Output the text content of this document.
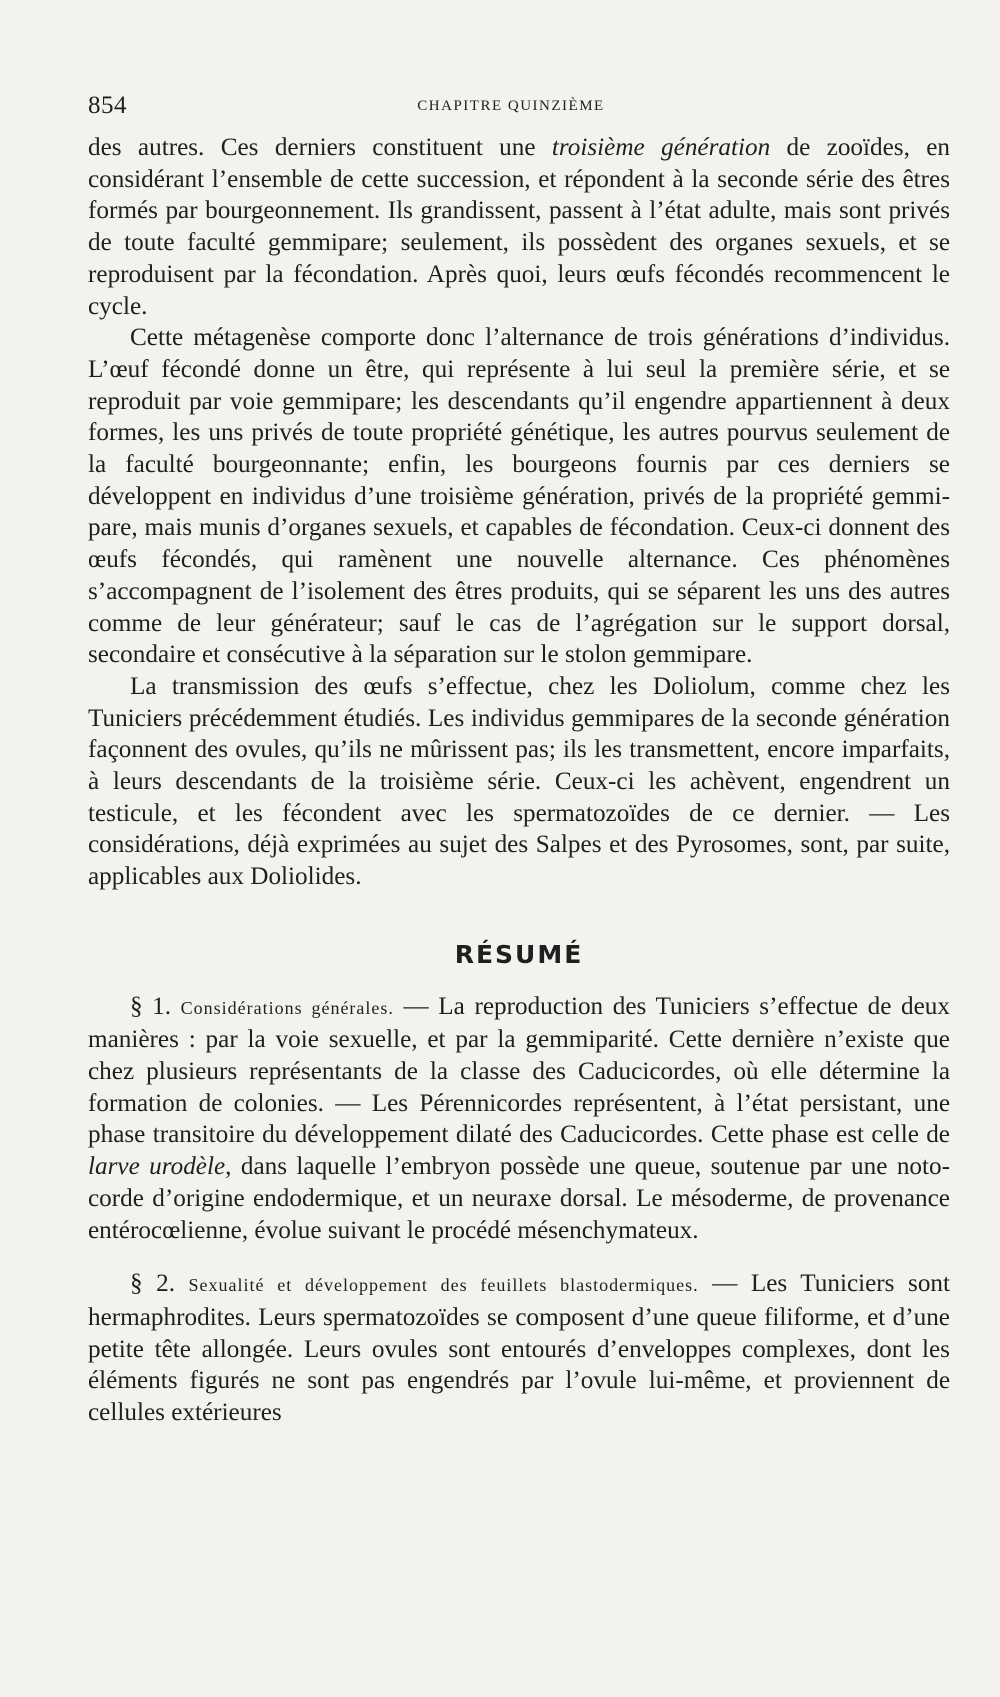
854	CHAPITRE QUINZIÈME

des autres. Ces derniers constituent une troisième génération de zooïdes, en considérant l’ensemble de cette succession, et répondent à la seconde série des êtres formés par bourgeonnement. Ils grandissent, passent à l’état adulte, mais sont privés de toute faculté gemmipare; seulement, ils possèdent des organes sexuels, et se reproduisent par la fécondation. Après quoi, leurs œufs fécondés recommencent le cycle.

Cette métagenèse comporte donc l’alternance de trois générations d’individus. L’œuf fécondé donne un être, qui représente à lui seul la première série, et se reproduit par voie gemmipare; les descendants qu’il engendre appartiennent à deux formes, les uns privés de toute propriété génétique, les autres pourvus seulement de la faculté bourgeonnante; enfin, les bourgeons fournis par ces derniers se développent en individus d’une troisième génération, privés de la propriété gemmipare, mais munis d’organes sexuels, et capables de fécondation. Ceux-ci donnent des œufs fécondés, qui ramènent une nouvelle alternance. Ces phénomènes s’accompagnent de l’isolement des êtres produits, qui se séparent les uns des autres comme de leur générateur; sauf le cas de l’agrégation sur le support dorsal, secondaire et consécutive à la séparation sur le stolon gemmipare.

La transmission des œufs s’effectue, chez les Doliolum, comme chez les Tuniciers précédemment étudiés. Les individus gemmipares de la seconde génération façonnent des ovules, qu’ils ne mûrissent pas; ils les transmettent, encore imparfaits, à leurs descendants de la troisième série. Ceux-ci les achèvent, engendrent un testicule, et les fécondent avec les spermatozoïdes de ce dernier. — Les considérations, déjà exprimées au sujet des Salpes et des Pyrosomes, sont, par suite, applicables aux Doliolides.

RÉSUMÉ

§ 1. Considérations générales. — La reproduction des Tuniciers s’effectue de deux manières : par la voie sexuelle, et par la gemmiparité. Cette dernière n’existe que chez plusieurs représentants de la classe des Caducicordes, où elle détermine la formation de colonies. — Les Pérennicordes représentent, à l’état persistant, une phase transitoire du développement dilaté des Caducicordes. Cette phase est celle de larve urodèle, dans laquelle l’embryon possède une queue, soutenue par une notocorde d’origine endodermique, et un neuraxe dorsal. Le mésoderme, de provenance entérocœlienne, évolue suivant le procédé mésenchymateux.

§ 2. Sexualité et développement des feuillets blastodermiques. — Les Tuniciers sont hermaphrodites. Leurs spermatozoïdes se composent d’une queue filiforme, et d’une petite tête allongée. Leurs ovules sont entourés d’enveloppes complexes, dont les éléments figurés ne sont pas engendrés par l’ovule lui-même, et proviennent de cellules extérieures
